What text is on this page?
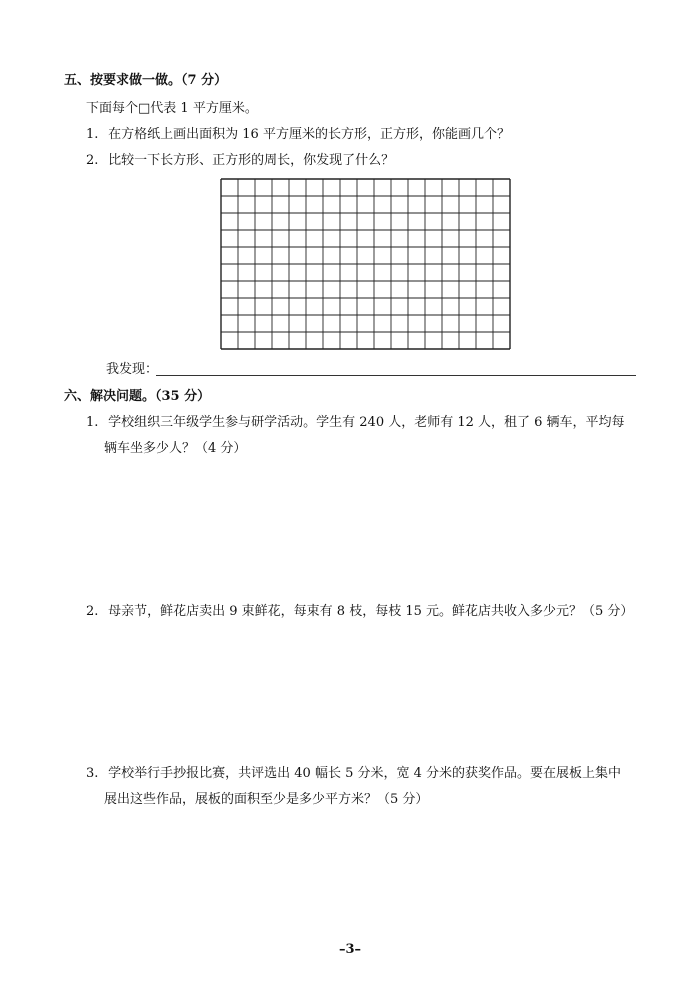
五、按要求做一做。（7 分）
下面每个□代表 1 平方厘米。
1. 在方格纸上画出面积为 16 平方厘米的长方形，正方形，你能画几个？
2. 比较一下长方形、正方形的周长，你发现了什么？
我发现：
六、解决问题。（35 分）
1. 学校组织三年级学生参与研学活动。学生有 240 人，老师有 12 人，租了 6 辆车，平均每
辆车坐多少人？（4 分）
2. 母亲节，鲜花店卖出 9 束鲜花，每束有 8 枝，每枝 15 元。鲜花店共收入多少元？（5 分）
3. 学校举行手抄报比赛，共评选出 40 幅长 5 分米，宽 4 分米的获奖作品。要在展板上集中
展出这些作品，展板的面积至少是多少平方米？（5 分）
–3–
